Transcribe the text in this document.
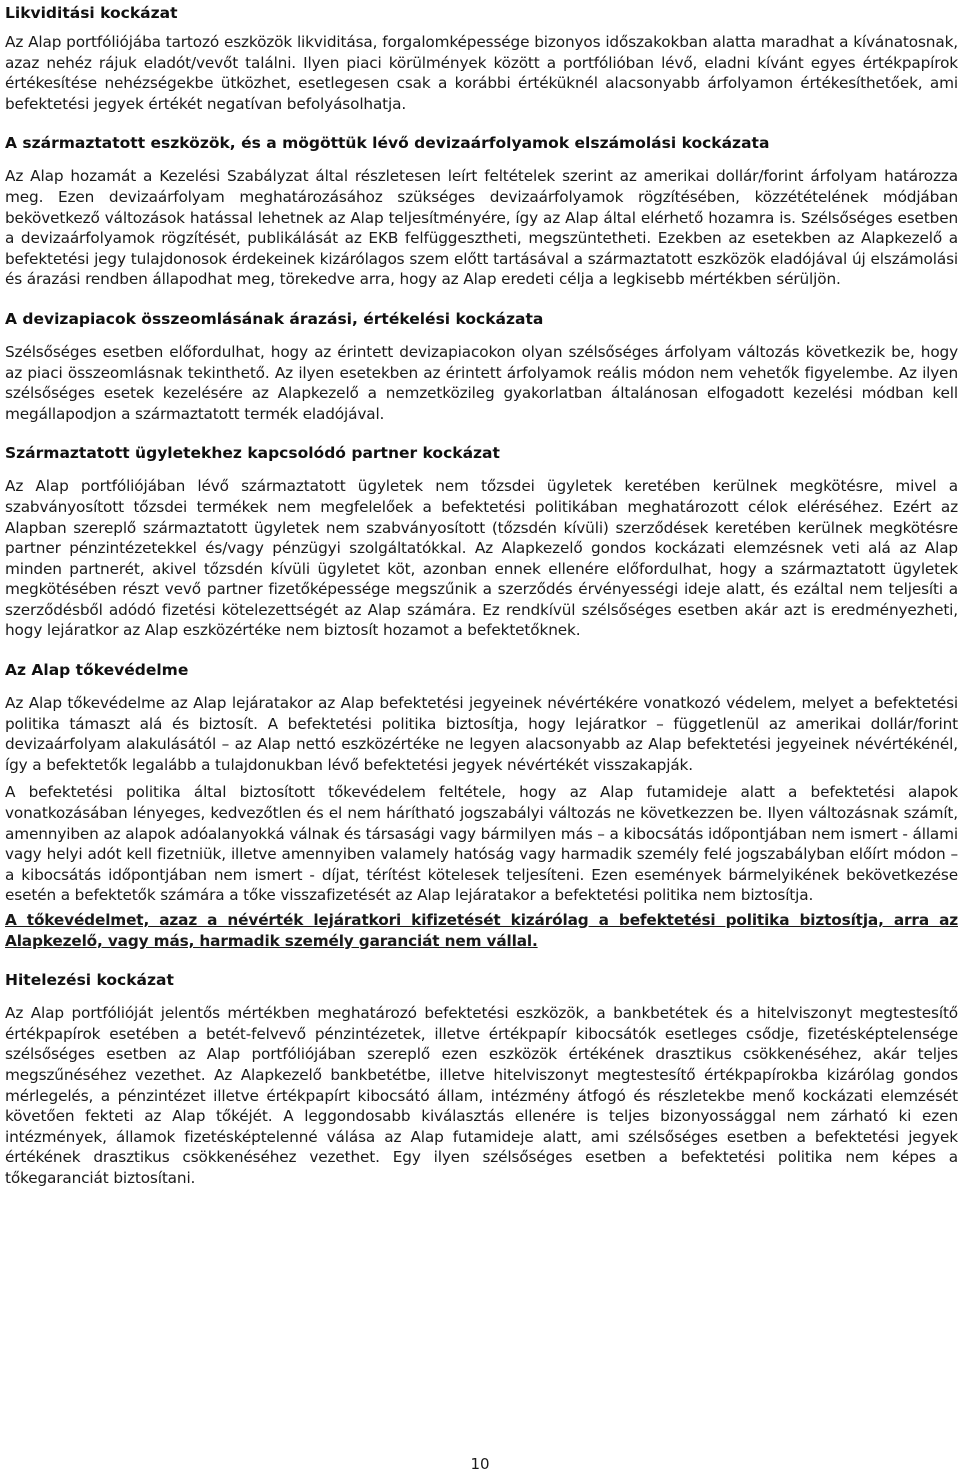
Likviditási kockázat

Az Alap portfóliójába tartozó eszközök likviditása, forgalomképessége bizonyos időszakokban alatta maradhat a kívánatosnak, azaz nehéz rájuk eladót/vevőt találni. Ilyen piaci körülmények között a portfólióban lévő, eladni kívánt egyes értékpapírok értékesítése nehézségekbe ütközhet, esetlegesen csak a korábbi értéküknél alacsonyabb árfolyamon értékesíthetőek, ami befektetési jegyek értékét negatívan befolyásolhatja.

A származtatott eszközök, és a mögöttük lévő devizaárfolyamok elszámolási kockázata

Az Alap hozamát a Kezelési Szabályzat által részletesen leírt feltételek szerint az amerikai dollár/forint árfolyam határozza meg. Ezen devizaárfolyam meghatározásához szükséges devizaárfolyamok rögzítésében, közzétételének módjában bekövetkező változások hatással lehetnek az Alap teljesítményére, így az Alap által elérhető hozamra is. Szélsőséges esetben a devizaárfolyamok rögzítését, publikálását az EKB felfüggesztheti, megszüntetheti. Ezekben az esetekben az Alapkezelő a befektetési jegy tulajdonosok érdekeinek kizárólagos szem előtt tartásával a származtatott eszközök eladójával új elszámolási és árazási rendben állapodhat meg, törekedve arra, hogy az Alap eredeti célja a legkisebb mértékben sérüljön.

A devizapiacok összeomlásának árazási, értékelési kockázata

Szélsőséges esetben előfordulhat, hogy az érintett devizapiacokon olyan szélsőséges árfolyam változás következik be, hogy az piaci összeomlásnak tekinthető. Az ilyen esetekben az érintett árfolyamok reális módon nem vehetők figyelembe. Az ilyen szélsőséges esetek kezelésére az Alapkezelő a nemzetközileg gyakorlatban általánosan elfogadott kezelési módban kell megállapodjon a származtatott termék eladójával.

Származtatott ügyletekhez kapcsolódó partner kockázat

Az Alap portfóliójában lévő származtatott ügyletek nem tőzsdei ügyletek keretében kerülnek megkötésre, mivel a szabványosított tőzsdei termékek nem megfelelőek a befektetési politikában meghatározott célok eléréséhez. Ezért az Alapban szereplő származtatott ügyletek nem szabványosított (tőzsdén kívüli) szerződések keretében kerülnek megkötésre partner pénzintézetekkel és/vagy pénzügyi szolgáltatókkal. Az Alapkezelő gondos kockázati elemzésnek veti alá az Alap minden partnerét, akivel tőzsdén kívüli ügyletet köt, azonban ennek ellenére előfordulhat, hogy a származtatott ügyletek megkötésében részt vevő partner fizetőképessége megszűnik a szerződés érvényességi ideje alatt, és ezáltal nem teljesíti a szerződésből adódó fizetési kötelezettségét az Alap számára. Ez rendkívül szélsőséges esetben akár azt is eredményezheti, hogy lejáratkor az Alap eszközértéke nem biztosít hozamot a befektetőknek.

Az Alap tőkevédelme

Az Alap tőkevédelme az Alap lejáratakor az Alap befektetési jegyeinek névértékére vonatkozó védelem, melyet a befektetési politika támaszt alá és biztosít. A befektetési politika biztosítja, hogy lejáratkor – függetlenül az amerikai dollár/forint devizaárfolyam alakulásától – az Alap nettó eszközértéke ne legyen alacsonyabb az Alap befektetési jegyeinek névértékénél, így a befektetők legalább a tulajdonukban lévő befektetési jegyek névértékét visszakapják.

A befektetési politika által biztosított tőkevédelem feltétele, hogy az Alap futamideje alatt a befektetési alapok vonatkozásában lényeges, kedvezőtlen és el nem hárítható jogszabályi változás ne következzen be. Ilyen változásnak számít, amennyiben az alapok adóalanyokká válnak és társasági vagy bármilyen más – a kibocsátás időpontjában nem ismert - állami vagy helyi adót kell fizetniük, illetve amennyiben valamely hatóság vagy harmadik személy felé jogszabályban előírt módon – a kibocsátás időpontjában nem ismert - díjat, térítést kötelesek teljesíteni. Ezen események bármelyikének bekövetkezése esetén a befektetők számára a tőke visszafizetését az Alap lejáratakor a befektetési politika nem biztosítja.

A tőkevédelmet, azaz a névérték lejáratkori kifizetését kizárólag a befektetési politika biztosítja, arra az Alapkezelő, vagy más, harmadik személy garanciát nem vállal.

Hitelezési kockázat

Az Alap portfólióját jelentős mértékben meghatározó befektetési eszközök, a bankbetétek és a hitelviszonyt megtestesítő értékpapírok esetében a betét-felvevő pénzintézetek, illetve értékpapír kibocsátók esetleges csődje, fizetésképtelensége szélsőséges esetben az Alap portfóliójában szereplő ezen eszközök értékének drasztikus csökkenéséhez, akár teljes megszűnéséhez vezethet. Az Alapkezelő bankbetétbe, illetve hitelviszonyt megtestesítő értékpapírokba kizárólag gondos mérlegelés, a pénzintézet illetve értékpapírt kibocsátó állam, intézmény átfogó és részletekbe menő kockázati elemzését követően fekteti az Alap tőkéjét. A leggondosabb kiválasztás ellenére is teljes bizonyossággal nem zárható ki ezen intézmények, államok fizetésképtelenné válása az Alap futamideje alatt, ami szélsőséges esetben a befektetési jegyek értékének drasztikus csökkenéséhez vezethet. Egy ilyen szélsőséges esetben a befektetési politika nem képes a tőkegaranciát biztosítani.

10
